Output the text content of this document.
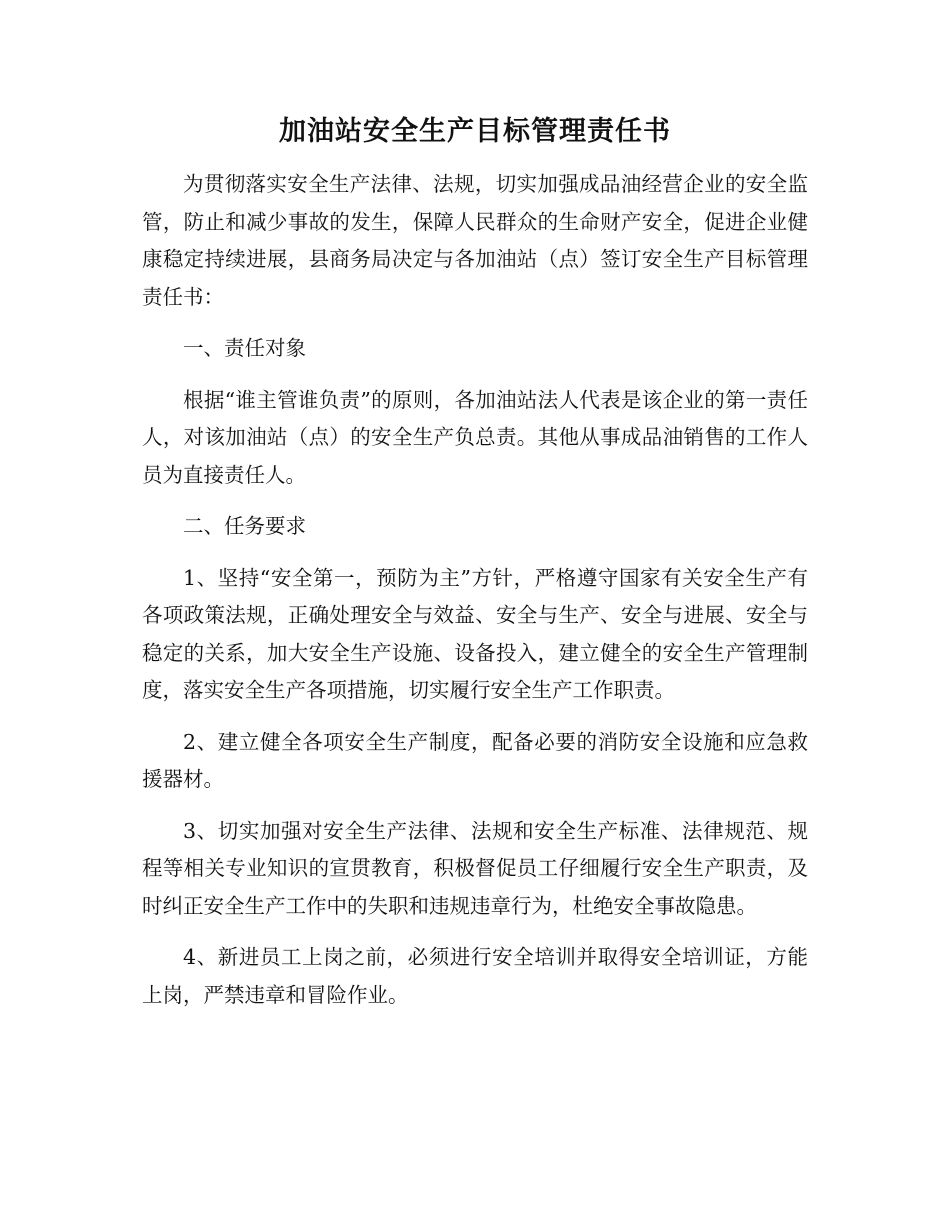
加油站安全生产目标管理责任书

为贯彻落实安全生产法律、法规，切实加强成品油经营企业的安全监管，防止和减少事故的发生，保障人民群众的生命财产安全，促进企业健康稳定持续进展，县商务局决定与各加油站（点）签订安全生产目标管理责任书：

一、责任对象

根据“谁主管谁负责”的原则，各加油站法人代表是该企业的第一责任人，对该加油站（点）的安全生产负总责。其他从事成品油销售的工作人员为直接责任人。

二、任务要求

1、坚持“安全第一，预防为主”方针，严格遵守国家有关安全生产有各项政策法规，正确处理安全与效益、安全与生产、安全与进展、安全与稳定的关系，加大安全生产设施、设备投入，建立健全的安全生产管理制度，落实安全生产各项措施，切实履行安全生产工作职责。

2、建立健全各项安全生产制度，配备必要的消防安全设施和应急救援器材。

3、切实加强对安全生产法律、法规和安全生产标准、法律规范、规程等相关专业知识的宣贯教育，积极督促员工仔细履行安全生产职责，及时纠正安全生产工作中的失职和违规违章行为，杜绝安全事故隐患。

4、新进员工上岗之前，必须进行安全培训并取得安全培训证，方能上岗，严禁违章和冒险作业。
